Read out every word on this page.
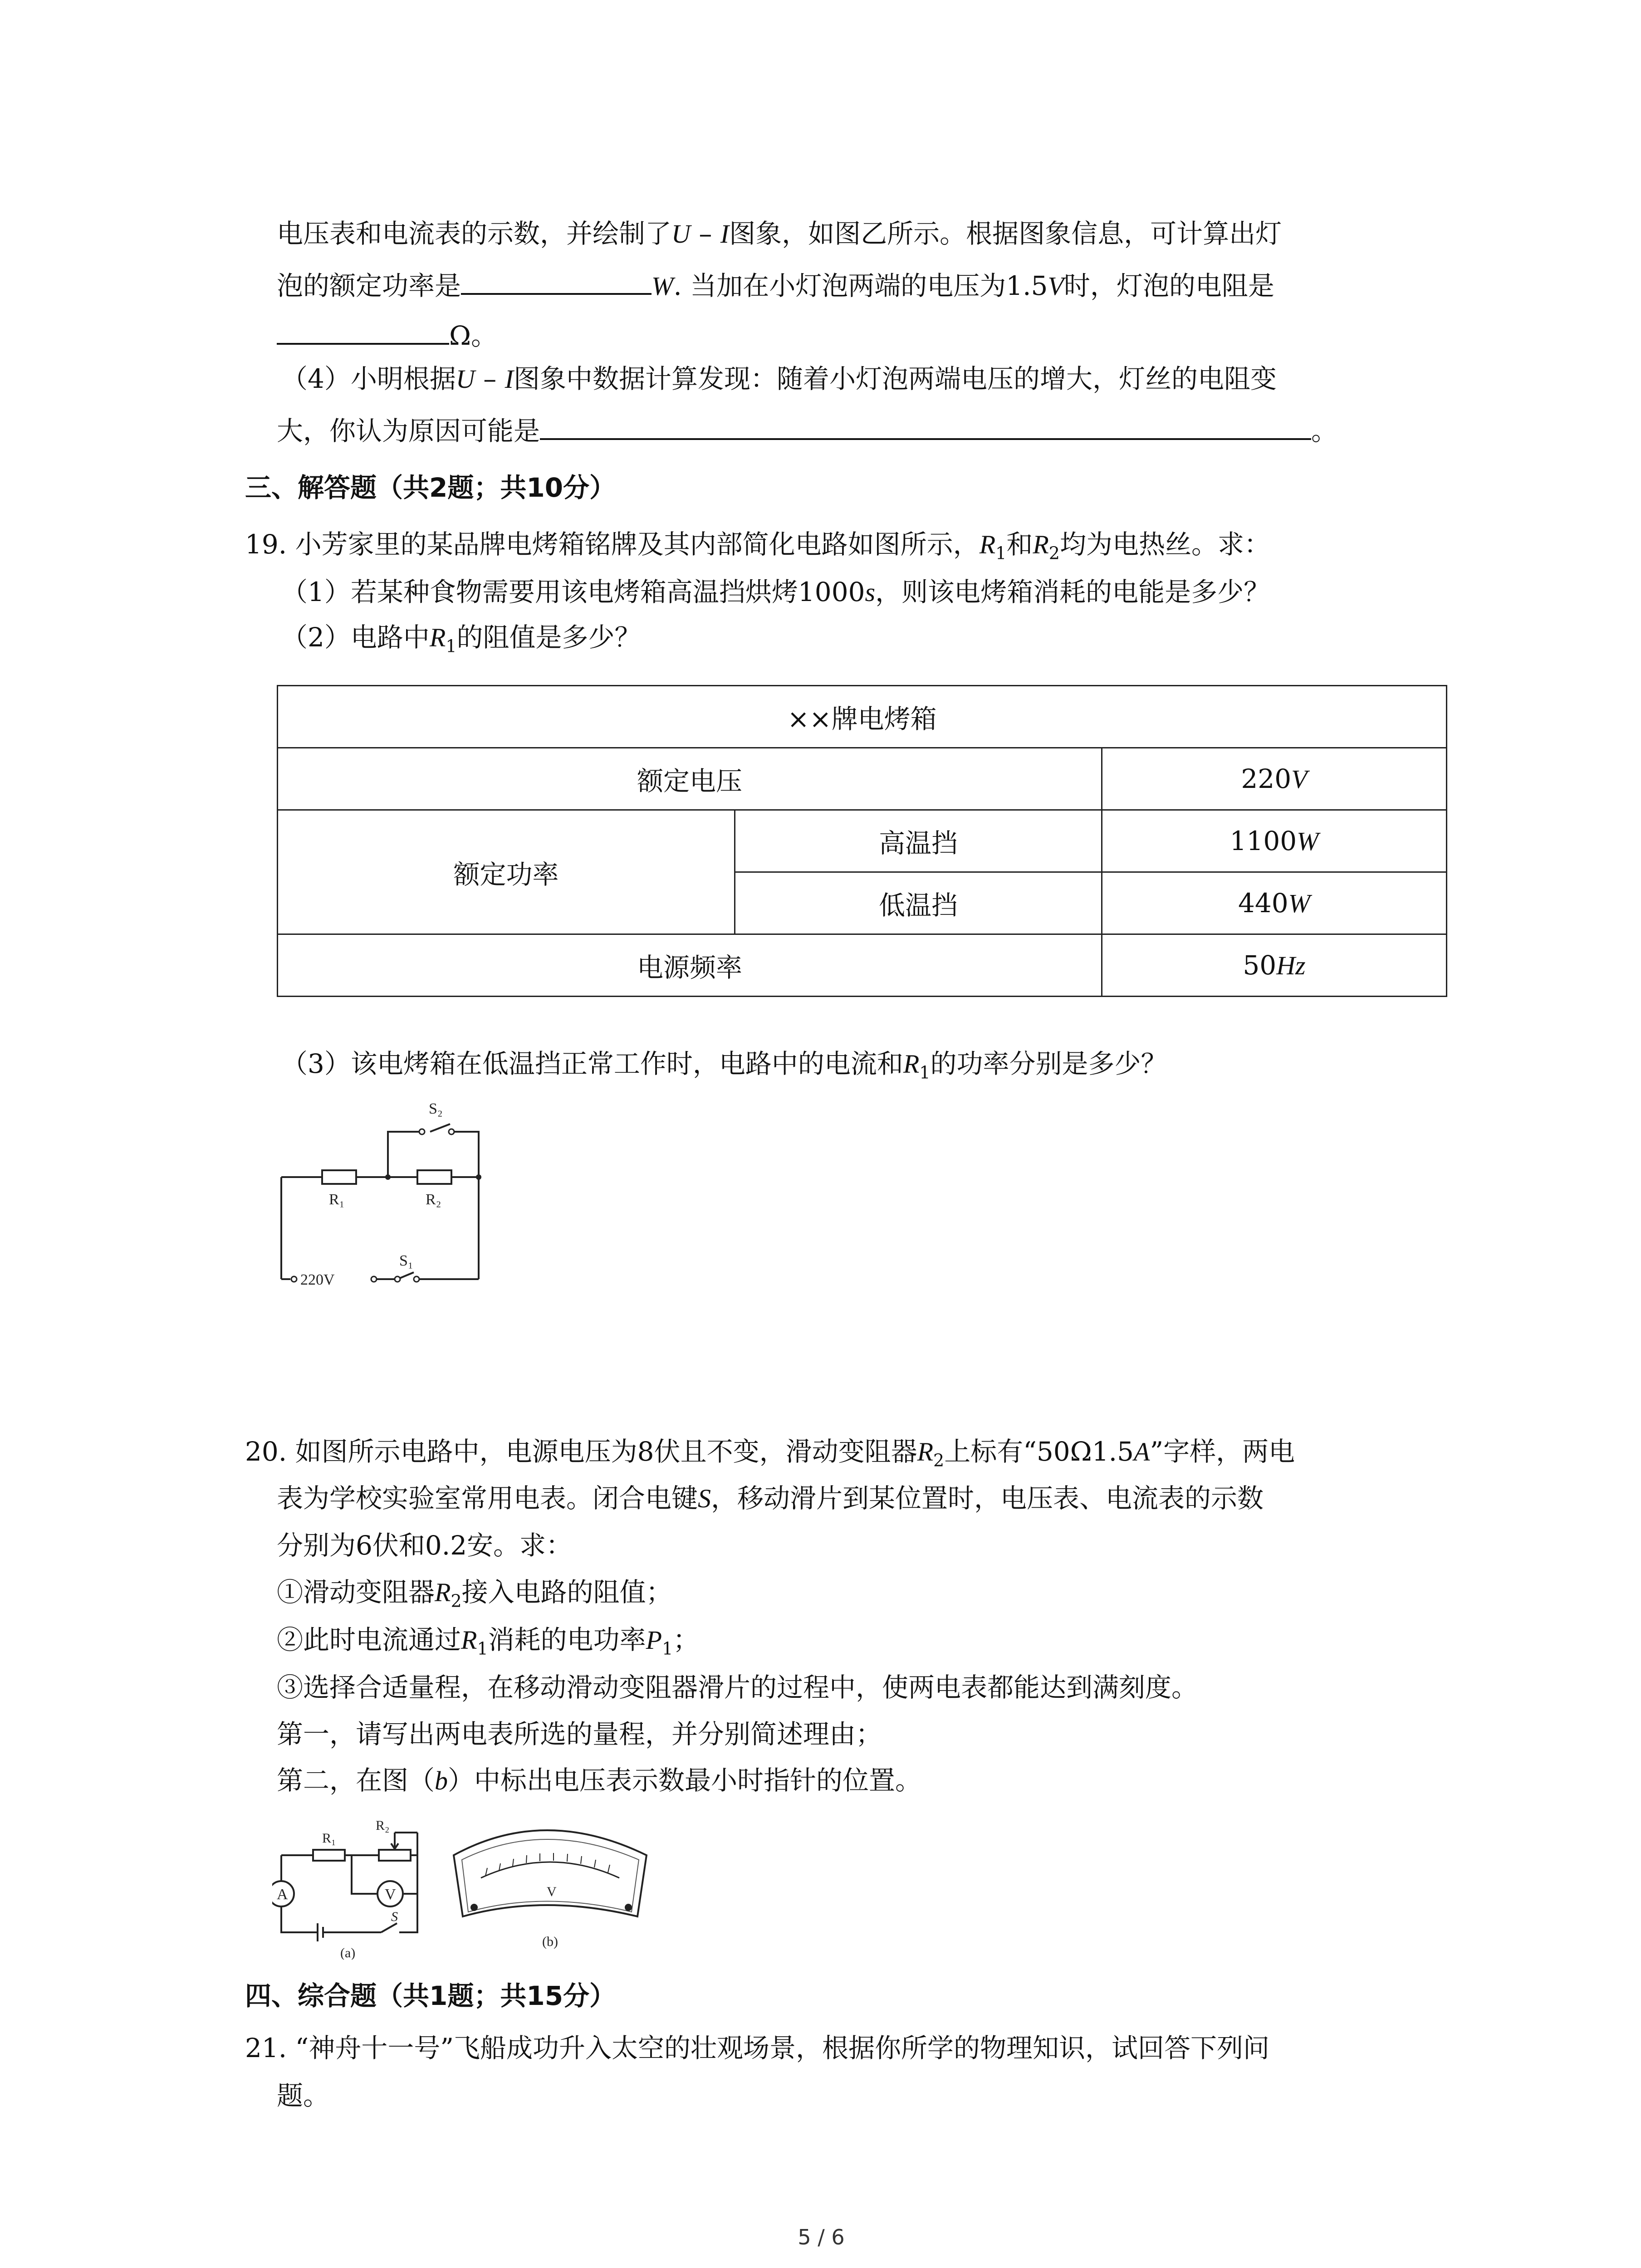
电压表和电流表的示数，并绘制了U – I图象，如图乙所示。根据图象信息，可计算出灯
泡的额定功率是	W. 当加在小灯泡两端的电压为1.5V时，灯泡的电阻是
Ω。
（4）小明根据U – I图象中数据计算发现：随着小灯泡两端电压的增大，灯丝的电阻变
大，你认为原因可能是	。
三、解答题（共2题；共10分）
19. 小芳家里的某品牌电烤箱铭牌及其内部简化电路如图所示，$R_1$和$R_2$均为电热丝。求：
（1）若某种食物需要用该电烤箱高温挡烘烤1000s，则该电烤箱消耗的电能是多少？
（2）电路中$R_1$的阻值是多少？
××牌电烤箱		
额定电压		220V
额定功率	高温挡	1100W
	低温挡	440W
电源频率		50Hz
（3）该电烤箱在低温挡正常工作时，电路中的电流和$R_1$的功率分别是多少？
S₂
R₁	R₂
220V
S₁
20. 如图所示电路中，电源电压为8伏且不变，滑动变阻器$R_2$上标有“50Ω1.5A”字样，两电
表为学校实验室常用电表。闭合电键S，移动滑片到某位置时，电压表、电流表的示数
分别为6伏和0.2安。求：
①滑动变阻器$R_2$接入电路的阻值；
②此时电流通过$R_1$消耗的电功率$P_1$；
③选择合适量程，在移动滑动变阻器滑片的过程中，使两电表都能达到满刻度。
第一，请写出两电表所选的量程，并分别简述理由；
第二，在图（b）中标出电压表示数最小时指针的位置。
A	V
R₁
R₂
S
(a)
V
(b)
四、综合题（共1题；共15分）
21. “神舟十一号”飞船成功升入太空的壮观场景，根据你所学的物理知识，试回答下列问
题。
5 / 6
